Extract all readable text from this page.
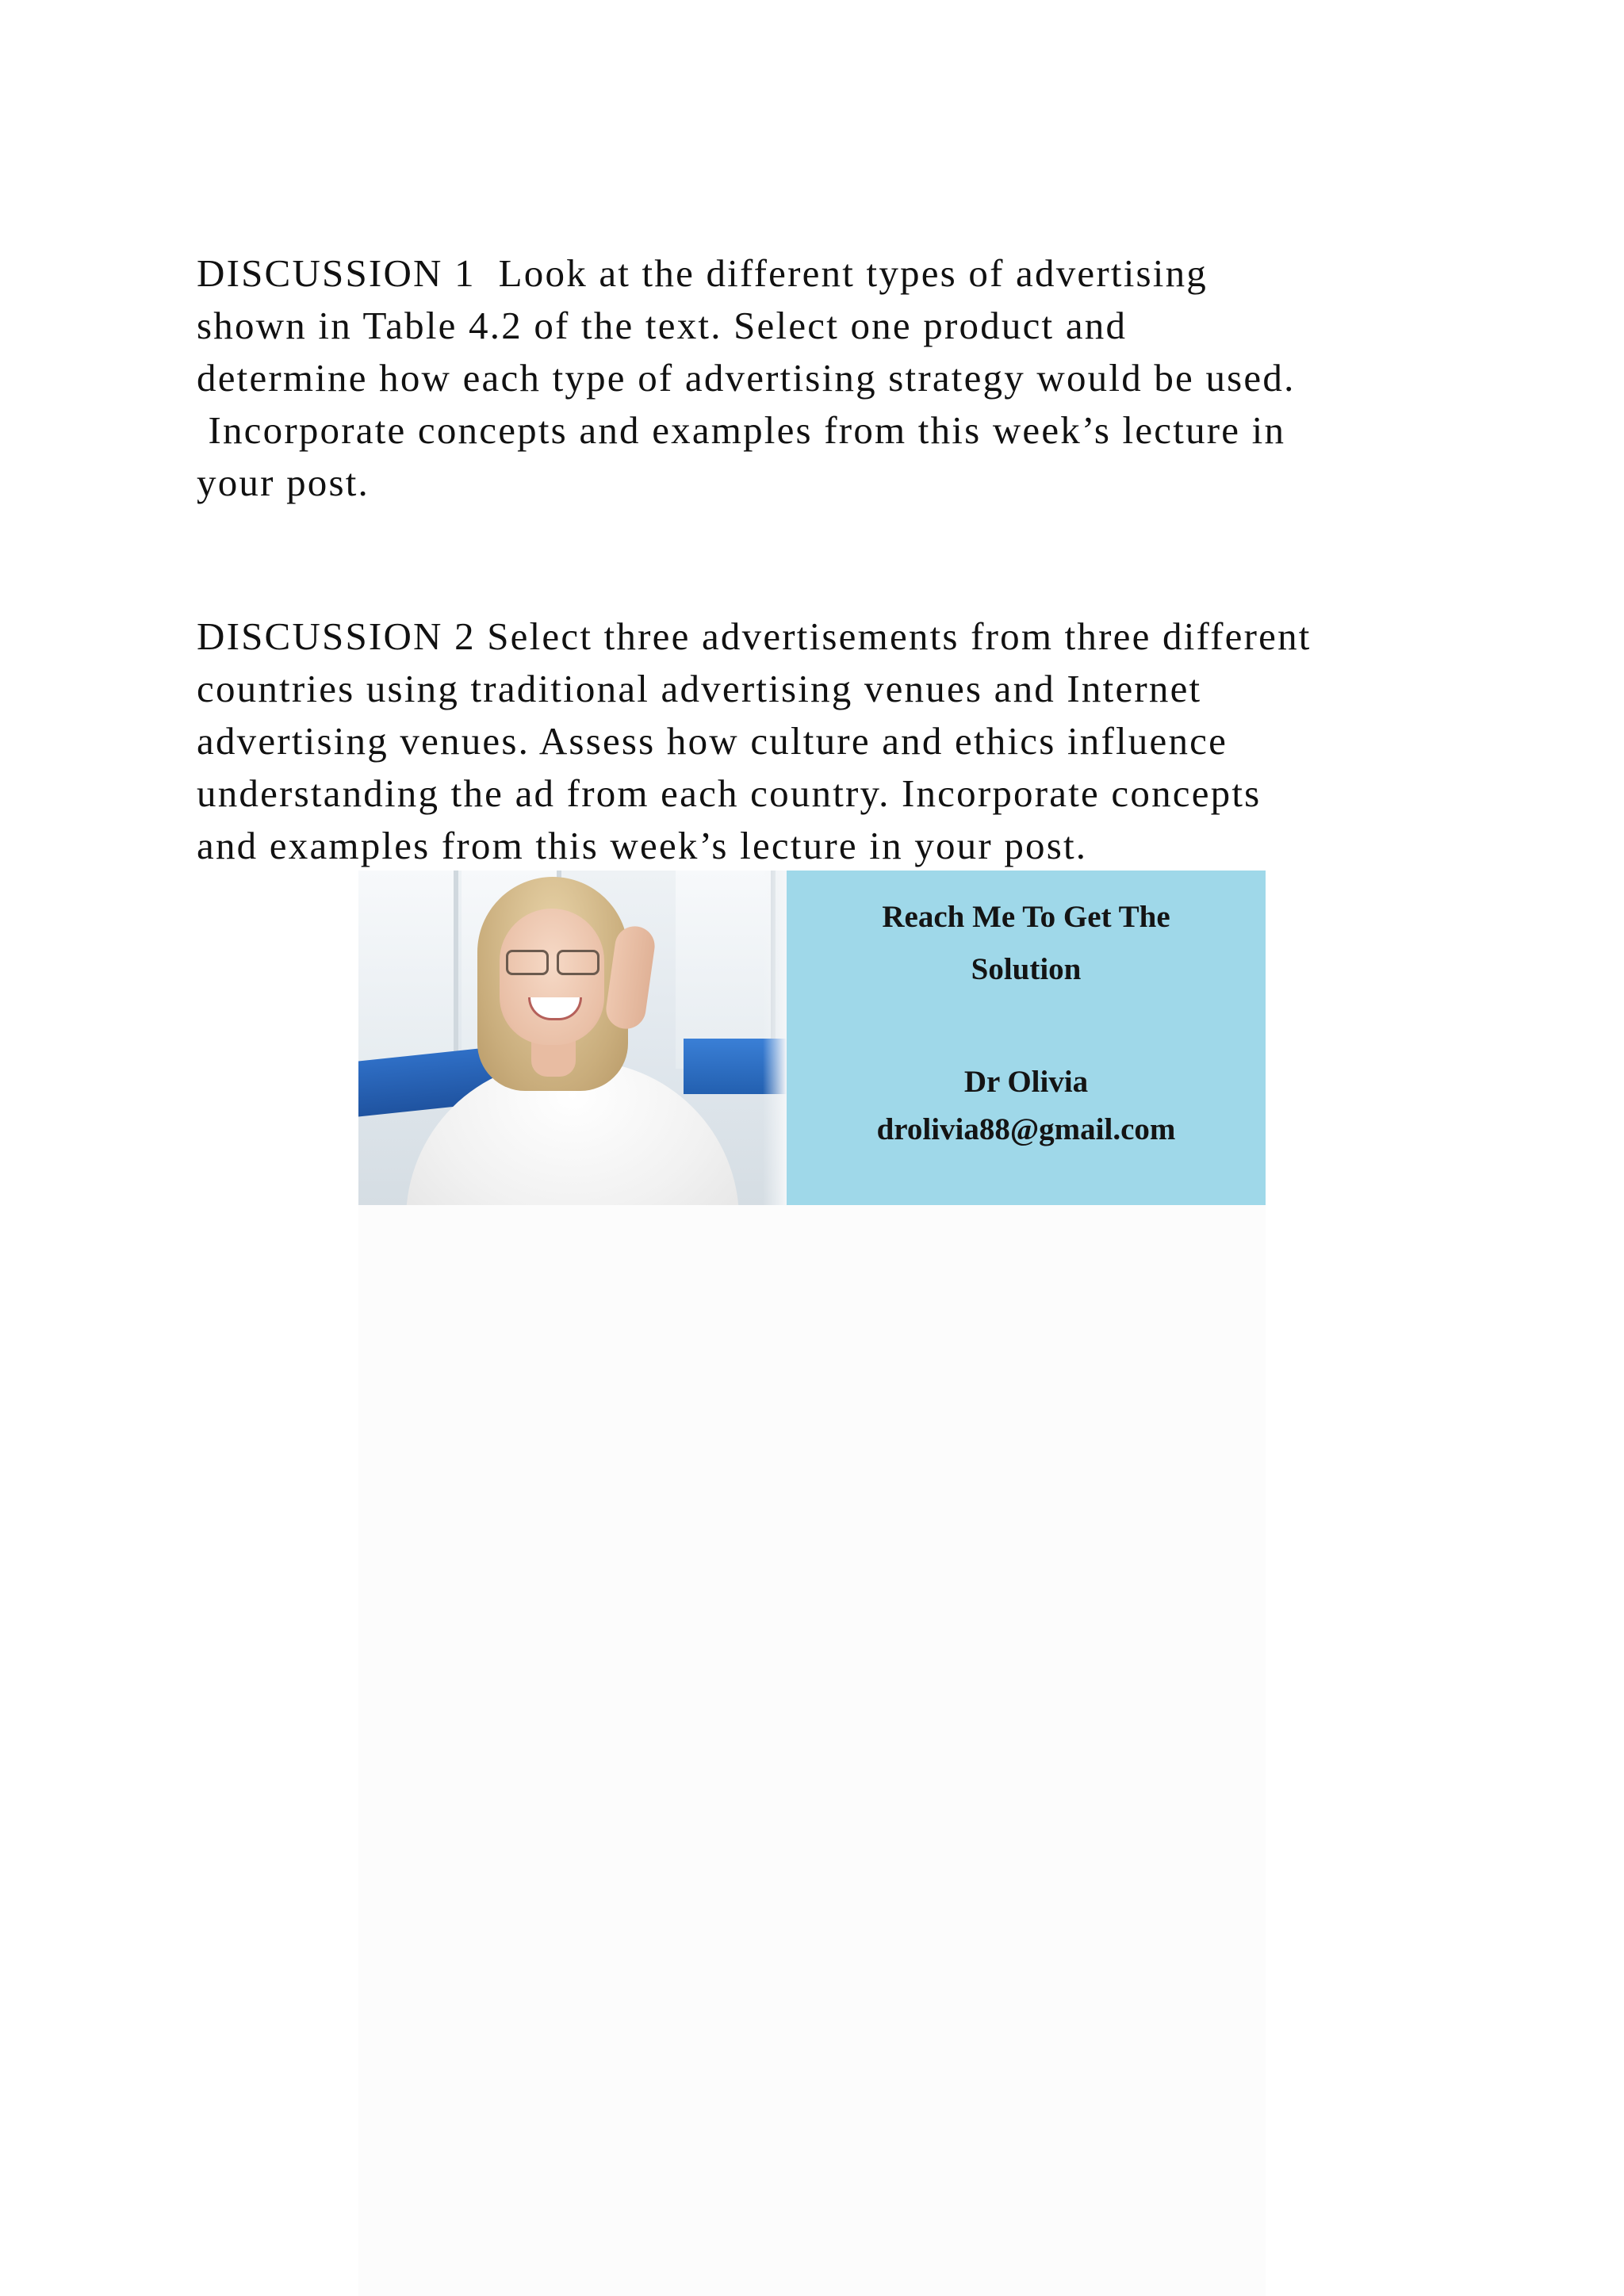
DISCUSSION 1  Look at the different types of advertising
shown in Table 4.2 of the text. Select one product and
determine how each type of advertising strategy would be used.
Incorporate concepts and examples from this week’s lecture in
your post.
DISCUSSION 2 Select three advertisements from three different
countries using traditional advertising venues and Internet
advertising venues. Assess how culture and ethics influence
understanding the ad from each country. Incorporate concepts
and examples from this week’s lecture in your post.
Reach Me To Get The
Solution
Dr Olivia
drolivia88@gmail.com
